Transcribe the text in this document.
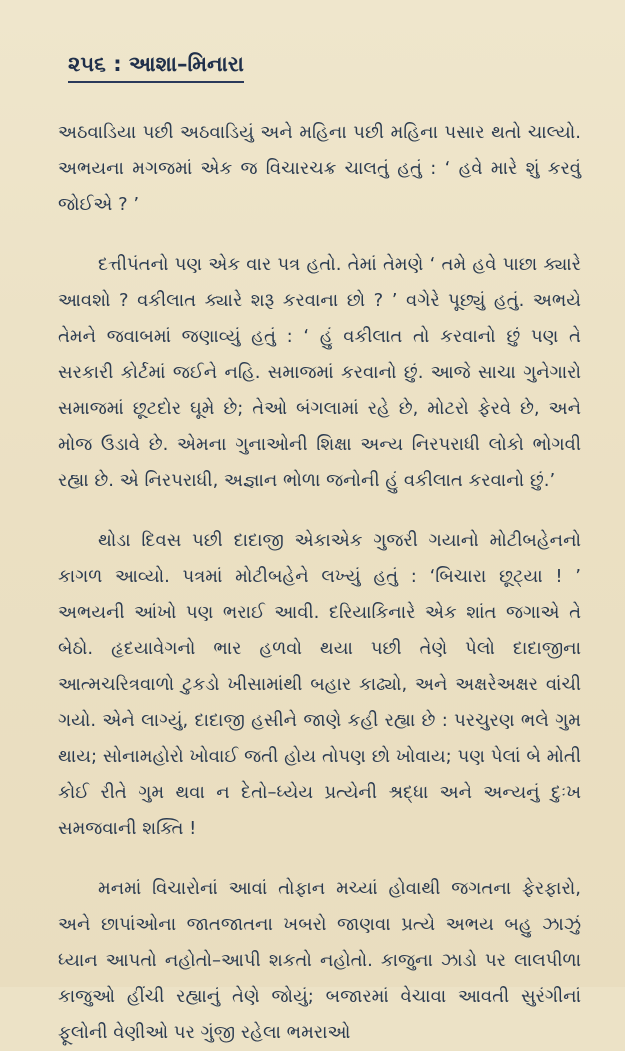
૨૫૬ : આશા–મિનારા

અઠવાડિયા પછી અઠવાડિયું અને મહિના પછી મહિના પસાર થતો ચાલ્યો. અભયના મગજમાં એક જ વિચારચક્ર ચાલતું હતું : ‘ હવે મારે શું કરવું જોઈએ ? ’

દત્તીપંતનો પણ એક વાર પત્ર હતો. તેમાં તેમણે ‘ તમે હવે પાછા ક્યારે આવશો ? વકીલાત ક્યારે શરૂ કરવાના છો ? ’ વગેરે પૂછ્યું હતું. અભયે તેમને જવાબમાં જણાવ્યું હતું : ‘ હું વકીલાત તો કરવાનો છું પણ તે સરકારી કોર્ટમાં જઈને નહિ. સમાજમાં કરવાનો છું. આજે સાચા ગુનેગારો સમાજમાં છૂટદોર ઘૂમે છે; તેઓ બંગલામાં રહે છે, મોટરો ફેરવે છે, અને મોજ ઉડાવે છે. એમના ગુનાઓની શિક્ષા અન્ય નિરપરાધી લોકો ભોગવી રહ્યા છે. એ નિરપરાધી, અજ્ઞાન ભોળા જનોની હું વકીલાત કરવાનો છું.’

થોડા દિવસ પછી દાદાજી એકાએક ગુજરી ગયાનો મોટીબહેનનો કાગળ આવ્યો. પત્રમાં મોટીબહેને લખ્યું હતું : ‘બિચારા છૂટ્યા ! ’ અભયની આંખો પણ ભરાઈ આવી. દરિયાકિનારે એક શાંત જગાએ તે બેઠો. હૃદયાવેગનો ભાર હળવો થયા પછી તેણે પેલો દાદાજીના આત્મચરિત્રવાળો ટુકડો ખીસામાંથી બહાર કાઢ્યો, અને અક્ષરેઅક્ષર વાંચી ગયો. એને લાગ્યું, દાદાજી હસીને જાણે કહી રહ્યા છે : પરચુરણ ભલે ગુમ થાય; સોનામહોરો ખોવાઈ જતી હોય તોપણ છો ખોવાય; પણ પેલાં બે મોતી કોઈ રીતે ગુમ થવા ન દેતો–ધ્યેય પ્રત્યેની શ્રદ્ધા અને અન્યનું દુઃખ સમજવાની શક્તિ !

મનમાં વિચારોનાં આવાં તોફાન મચ્યાં હોવાથી જગતના ફેરફારો, અને છાપાંઓના જાતજાતના ખબરો જાણવા પ્રત્યે અભય બહુ ઝાઝું ધ્યાન આપતો નહોતો–આપી શકતો નહોતો. કાજુના ઝાડો પર લાલપીળા કાજુઓ હીંચી રહ્યાનું તેણે જોયું; બજારમાં વેચાવા આવતી સુરંગીનાં ફૂલોની વેણીઓ પર ગુંજી રહેલા ભમરાઓ
